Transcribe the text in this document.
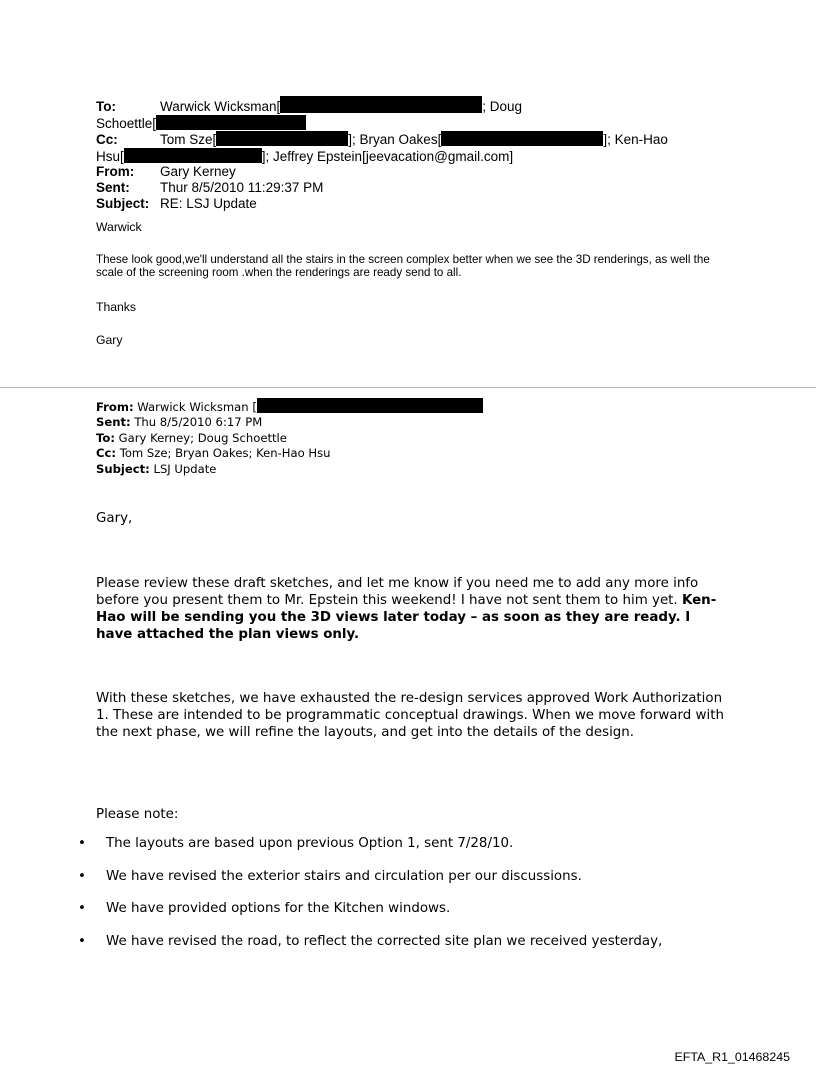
To:	Warwick Wicksman[	; Doug
Schoettle[
Cc:	Tom Sze[	]; Bryan Oakes[	]; Ken-Hao
Hsu[	]; Jeffrey Epstein[jeevacation@gmail.com]
From: Gary Kerney
Sent: Thur 8/5/2010 11:29:37 PM
Subject: RE: LSJ Update
Warwick
These look good,we'll understand all the stairs in the screen complex better when we see the 3D renderings, as well the scale of the screening room .when the renderings are ready send to all.
Thanks
Gary
From: Warwick Wicksman [
Sent: Thu 8/5/2010 6:17 PM
To: Gary Kerney; Doug Schoettle
Cc: Tom Sze; Bryan Oakes; Ken-Hao Hsu
Subject: LSJ Update
Gary,
Please review these draft sketches, and let me know if you need me to add any more info before you present them to Mr. Epstein this weekend! I have not sent them to him yet. Ken-Hao will be sending you the 3D views later today – as soon as they are ready. I have attached the plan views only.
With these sketches, we have exhausted the re-design services approved Work Authorization 1. These are intended to be programmatic conceptual drawings. When we move forward with the next phase, we will refine the layouts, and get into the details of the design.
Please note:
• The layouts are based upon previous Option 1, sent 7/28/10.
• We have revised the exterior stairs and circulation per our discussions.
• We have provided options for the Kitchen windows.
• We have revised the road, to reflect the corrected site plan we received yesterday,
EFTA_R1_01468245
